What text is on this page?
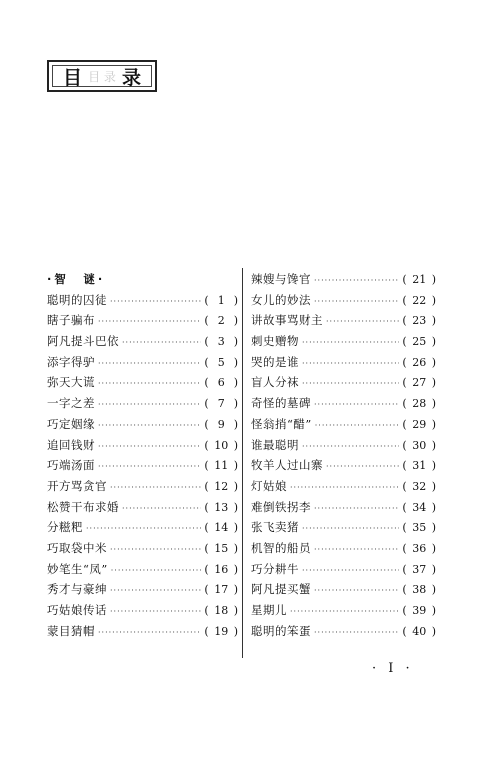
目 目 录 录
·智　谜·
聪明的囚徒 ·····	( 1 )
瞎子骗布 ·····	( 2 )
阿凡提斗巴依 ·····	( 3 )
添字得驴 ·····	( 5 )
弥天大谎 ·····	( 6 )
一字之差 ·····	( 7 )
巧定姻缘 ·····	( 9 )
追回钱财 ·····	( 10 )
巧端汤面 ·····	( 11 )
开方骂贪官 ·····	( 12 )
松赞干布求婚 ·····	( 13 )
分糍粑 ·····	( 14 )
巧取袋中米 ·····	( 15 )
妙笔生“凤” ·····	( 16 )
秀才与豪绅 ·····	( 17 )
巧姑娘传话 ·····	( 18 )
蒙目猜帽 ·····	( 19 )
辣嫂与馋官 ·····	( 21 )
女儿的妙法 ·····	( 22 )
讲故事骂财主 ·····	( 23 )
刺史赠物 ·····	( 25 )
哭的是谁 ·····	( 26 )
盲人分袜 ·····	( 27 )
奇怪的墓碑 ·····	( 28 )
怪翁捎“醋” ·····	( 29 )
谁最聪明 ·····	( 30 )
牧羊人过山寨 ·····	( 31 )
灯姑娘 ·····	( 32 )
难倒铁拐李 ·····	( 34 )
张飞卖猪 ·····	( 35 )
机智的船员 ·····	( 36 )
巧分耕牛 ·····	( 37 )
阿凡提买蟹 ·····	( 38 )
星期儿 ·····	( 39 )
聪明的笨蛋 ·····	( 40 )
· I ·
